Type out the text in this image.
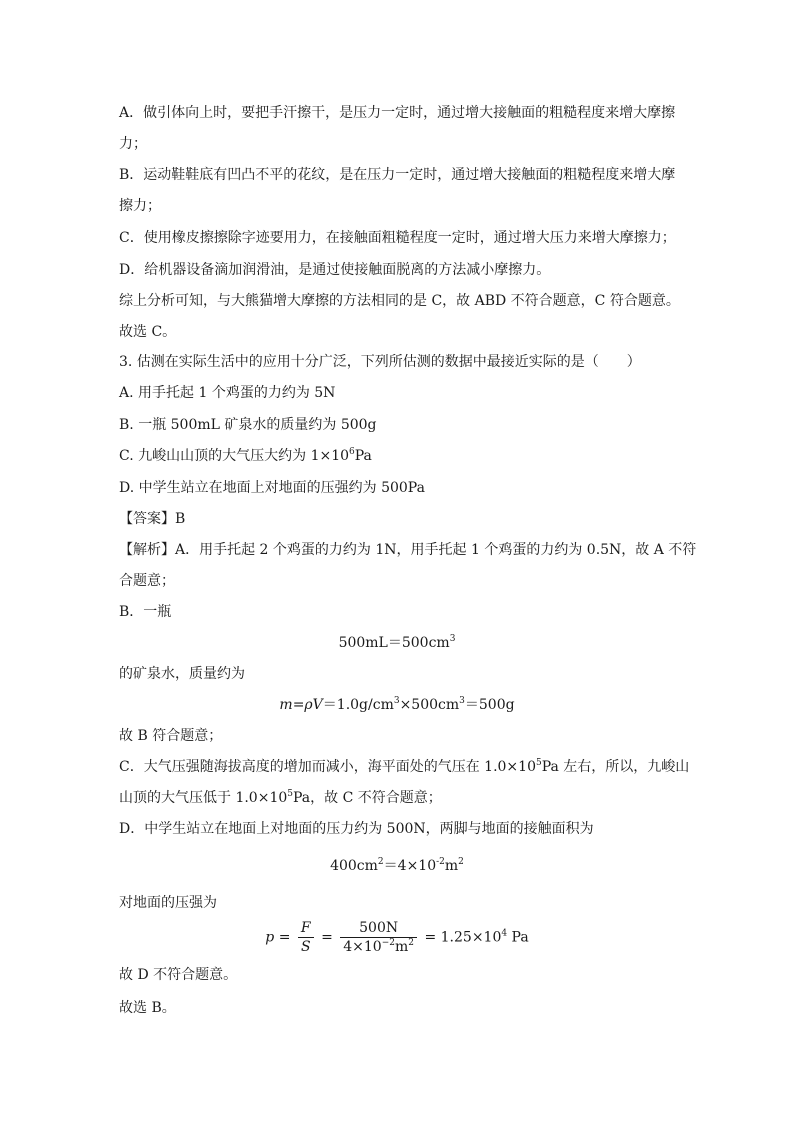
A．做引体向上时，要把手汗擦干，是压力一定时，通过增大接触面的粗糙程度来增大摩擦
力；
B．运动鞋鞋底有凹凸不平的花纹，是在压力一定时，通过增大接触面的粗糙程度来增大摩
擦力；
C．使用橡皮擦擦除字迹要用力，在接触面粗糙程度一定时，通过增大压力来增大摩擦力；
D．给机器设备滴加润滑油，是通过使接触面脱离的方法减小摩擦力。
综上分析可知，与大熊猫增大摩擦的方法相同的是 C，故 ABD 不符合题意，C 符合题意。
故选 C。
3. 估测在实际生活中的应用十分广泛，下列所估测的数据中最接近实际的是（　　）
A. 用手托起 1 个鸡蛋的力约为 5N
B. 一瓶 500mL 矿泉水的质量约为 500g
C. 九峻山山顶的大气压大约为 $1\times 10^6Pa$
D. 中学生站立在地面上对地面的压强约为 500Pa
【答案】B
【解析】A．用手托起 2 个鸡蛋的力约为 1N，用手托起 1 个鸡蛋的力约为 0.5N，故 A 不符
合题意；
B．一瓶
$500mL=500cm^3$
的矿泉水，质量约为
$m=\rho V=1.0g/cm^3\times 500cm^3=500g$
故 B 符合题意；
C．大气压强随海拔高度的增加而减小，海平面处的气压在 $1.0\times 10^5Pa$ 左右，所以，九峻山
山顶的大气压低于 $1.0\times 10^5Pa$，故 C 不符合题意；
D．中学生站立在地面上对地面的压力约为 500N，两脚与地面的接触面积为
$400cm^2=4\times 10^{-2}m^2$
对地面的压强为
$p = \frac{F}{S} = \frac{500N}{4\times 10^{-2}m^2} = 1.25\times 10^4$ Pa
故 D 不符合题意。
故选 B。
